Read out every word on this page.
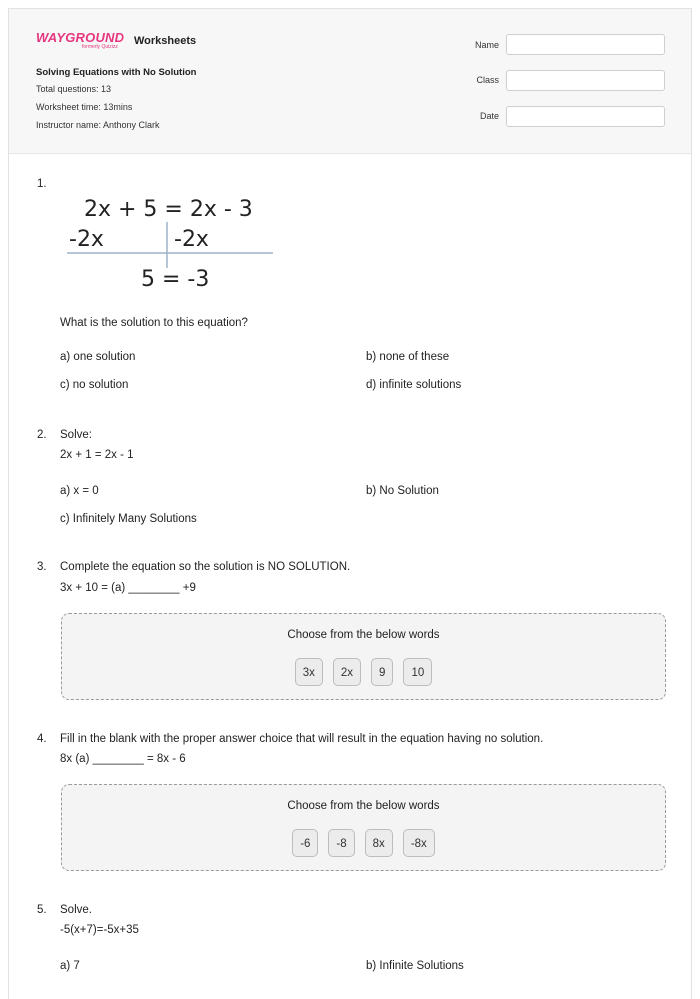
WAYGROUND
formerly Quizizz	Worksheets
Solving Equations with No Solution
Total questions: 13
Worksheet time: 13mins
Instructor name: Anthony Clark
Name
Class
Date
1.
2x + 5 = 2x - 3
-2x	-2x
5 = -3
What is the solution to this equation?
a) one solution	b) none of these
c) no solution	d) infinite solutions
2. Solve:
2x + 1 = 2x - 1
a) x = 0	b) No Solution
c) Infinitely Many Solutions
3. Complete the equation so the solution is NO SOLUTION.
3x + 10 = (a) ________ +9
Choose from the below words
3x	2x	9	10
4. Fill in the blank with the proper answer choice that will result in the equation having no solution.
8x (a) ________ = 8x - 6
Choose from the below words
-6	-8	8x	-8x
5. Solve.
-5(x+7)=-5x+35
a) 7	b) Infinite Solutions
